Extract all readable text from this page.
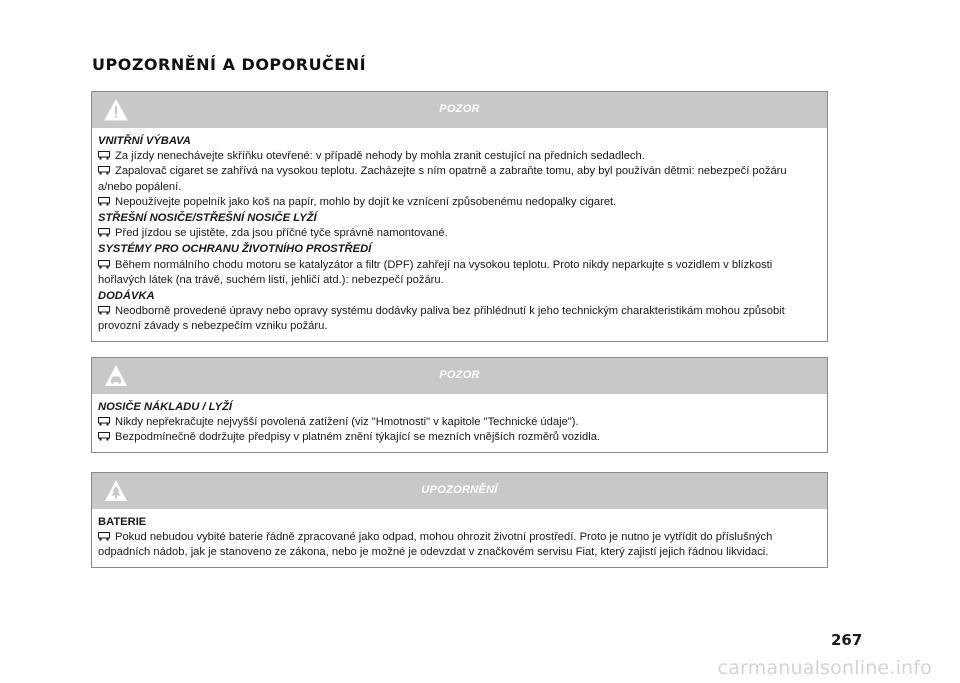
UPOZORNĚNÍ A DOPORUČENÍ
POZOR
VNITŘNÍ VÝBAVA
Za jízdy nenechávejte skříňku otevřené: v případě nehody by mohla zranit cestující na předních sedadlech.
Zapalovač cigaret se zahřívá na vysokou teplotu. Zacházejte s ním opatrně a zabraňte tomu, aby byl používán dětmi: nebezpečí požáru a/nebo popálení.
Nepoužívejte popelník jako koš na papír, mohlo by dojít ke vznícení způsobenému nedopalky cigaret.
STŘEŠNÍ NOSIČE/STŘEŠNÍ NOSIČE LYŽÍ
Před jízdou se ujistěte, zda jsou příčné tyče správně namontované.
SYSTÉMY PRO OCHRANU ŽIVOTNÍHO PROSTŘEDÍ
Během normálního chodu motoru se katalyzátor a filtr (DPF) zahřejí na vysokou teplotu. Proto nikdy neparkujte s vozidlem v blízkosti hořlavých látek (na trávě, suchém listí, jehličí atd.): nebezpečí požáru.
DODÁVKA
Neodborně provedené úpravy nebo opravy systému dodávky paliva bez přihlédnutí k jeho technickým charakteristikám mohou způsobit provozní závady s nebezpečím vzniku požáru.
POZOR
NOSIČE NÁKLADU / LYŽÍ
Nikdy nepřekračujte nejvyšší povolená zatížení (viz "Hmotnosti" v kapitole "Technické údaje").
Bezpodmínečně dodržujte předpisy v platném znění týkající se mezních vnějších rozměrů vozidla.
UPOZORNĚNÍ
BATERIE
Pokud nebudou vybité baterie řádně zpracované jako odpad, mohou ohrozit životní prostředí. Proto je nutno je vytřídit do příslušných odpadních nádob, jak je stanoveno ze zákona, nebo je možné je odevzdat v značkovém servisu Fiat, který zajistí jejich řádnou likvidaci.
267
carmanualsonline.info
